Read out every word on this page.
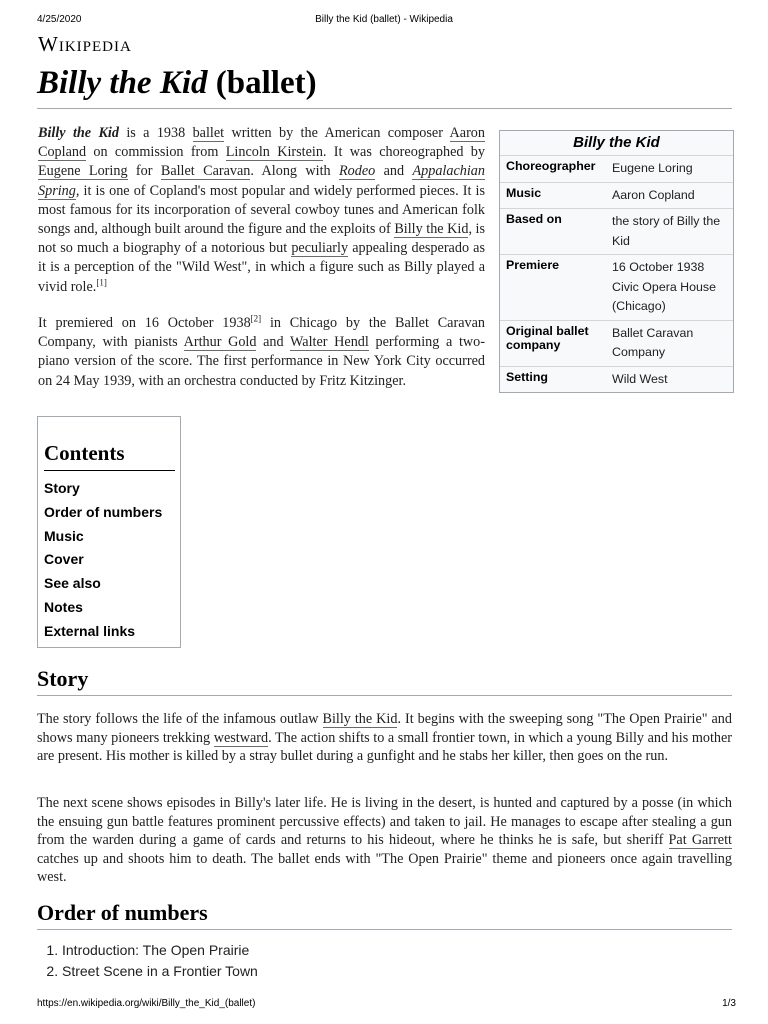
4/25/2020	Billy the Kid (ballet) - Wikipedia
Wikipedia
Billy the Kid (ballet)

Billy the Kid is a 1938 ballet written by the American composer Aaron Copland on commission from Lincoln Kirstein. It was choreographed by Eugene Loring for Ballet Caravan. Along with Rodeo and Appalachian Spring, it is one of Copland's most popular and widely performed pieces. It is most famous for its incorporation of several cowboy tunes and American folk songs and, although built around the figure and the exploits of Billy the Kid, is not so much a biography of a notorious but peculiarly appealing desperado as it is a perception of the "Wild West", in which a figure such as Billy played a vivid role.[1]

It premiered on 16 October 1938[2] in Chicago by the Ballet Caravan Company, with pianists Arthur Gold and Walter Hendl performing a two-piano version of the score. The first performance in New York City occurred on 24 May 1939, with an orchestra conducted by Fritz Kitzinger.

Billy the Kid
Choreographer	Eugene Loring
Music	Aaron Copland
Based on	the story of Billy the Kid
Premiere	16 October 1938 Civic Opera House (Chicago)
Original ballet company	Ballet Caravan Company
Setting	Wild West
Contents
Story
Order of numbers
Music
Cover
See also
Notes
External links
Story

The story follows the life of the infamous outlaw Billy the Kid. It begins with the sweeping song "The Open Prairie" and shows many pioneers trekking westward. The action shifts to a small frontier town, in which a young Billy and his mother are present. His mother is killed by a stray bullet during a gunfight and he stabs her killer, then goes on the run.

The next scene shows episodes in Billy's later life. He is living in the desert, is hunted and captured by a posse (in which the ensuing gun battle features prominent percussive effects) and taken to jail. He manages to escape after stealing a gun from the warden during a game of cards and returns to his hideout, where he thinks he is safe, but sheriff Pat Garrett catches up and shoots him to death. The ballet ends with "The Open Prairie" theme and pioneers once again travelling west.

Order of numbers
1. Introduction: The Open Prairie
2. Street Scene in a Frontier Town
https://en.wikipedia.org/wiki/Billy_the_Kid_(ballet)	1/3
